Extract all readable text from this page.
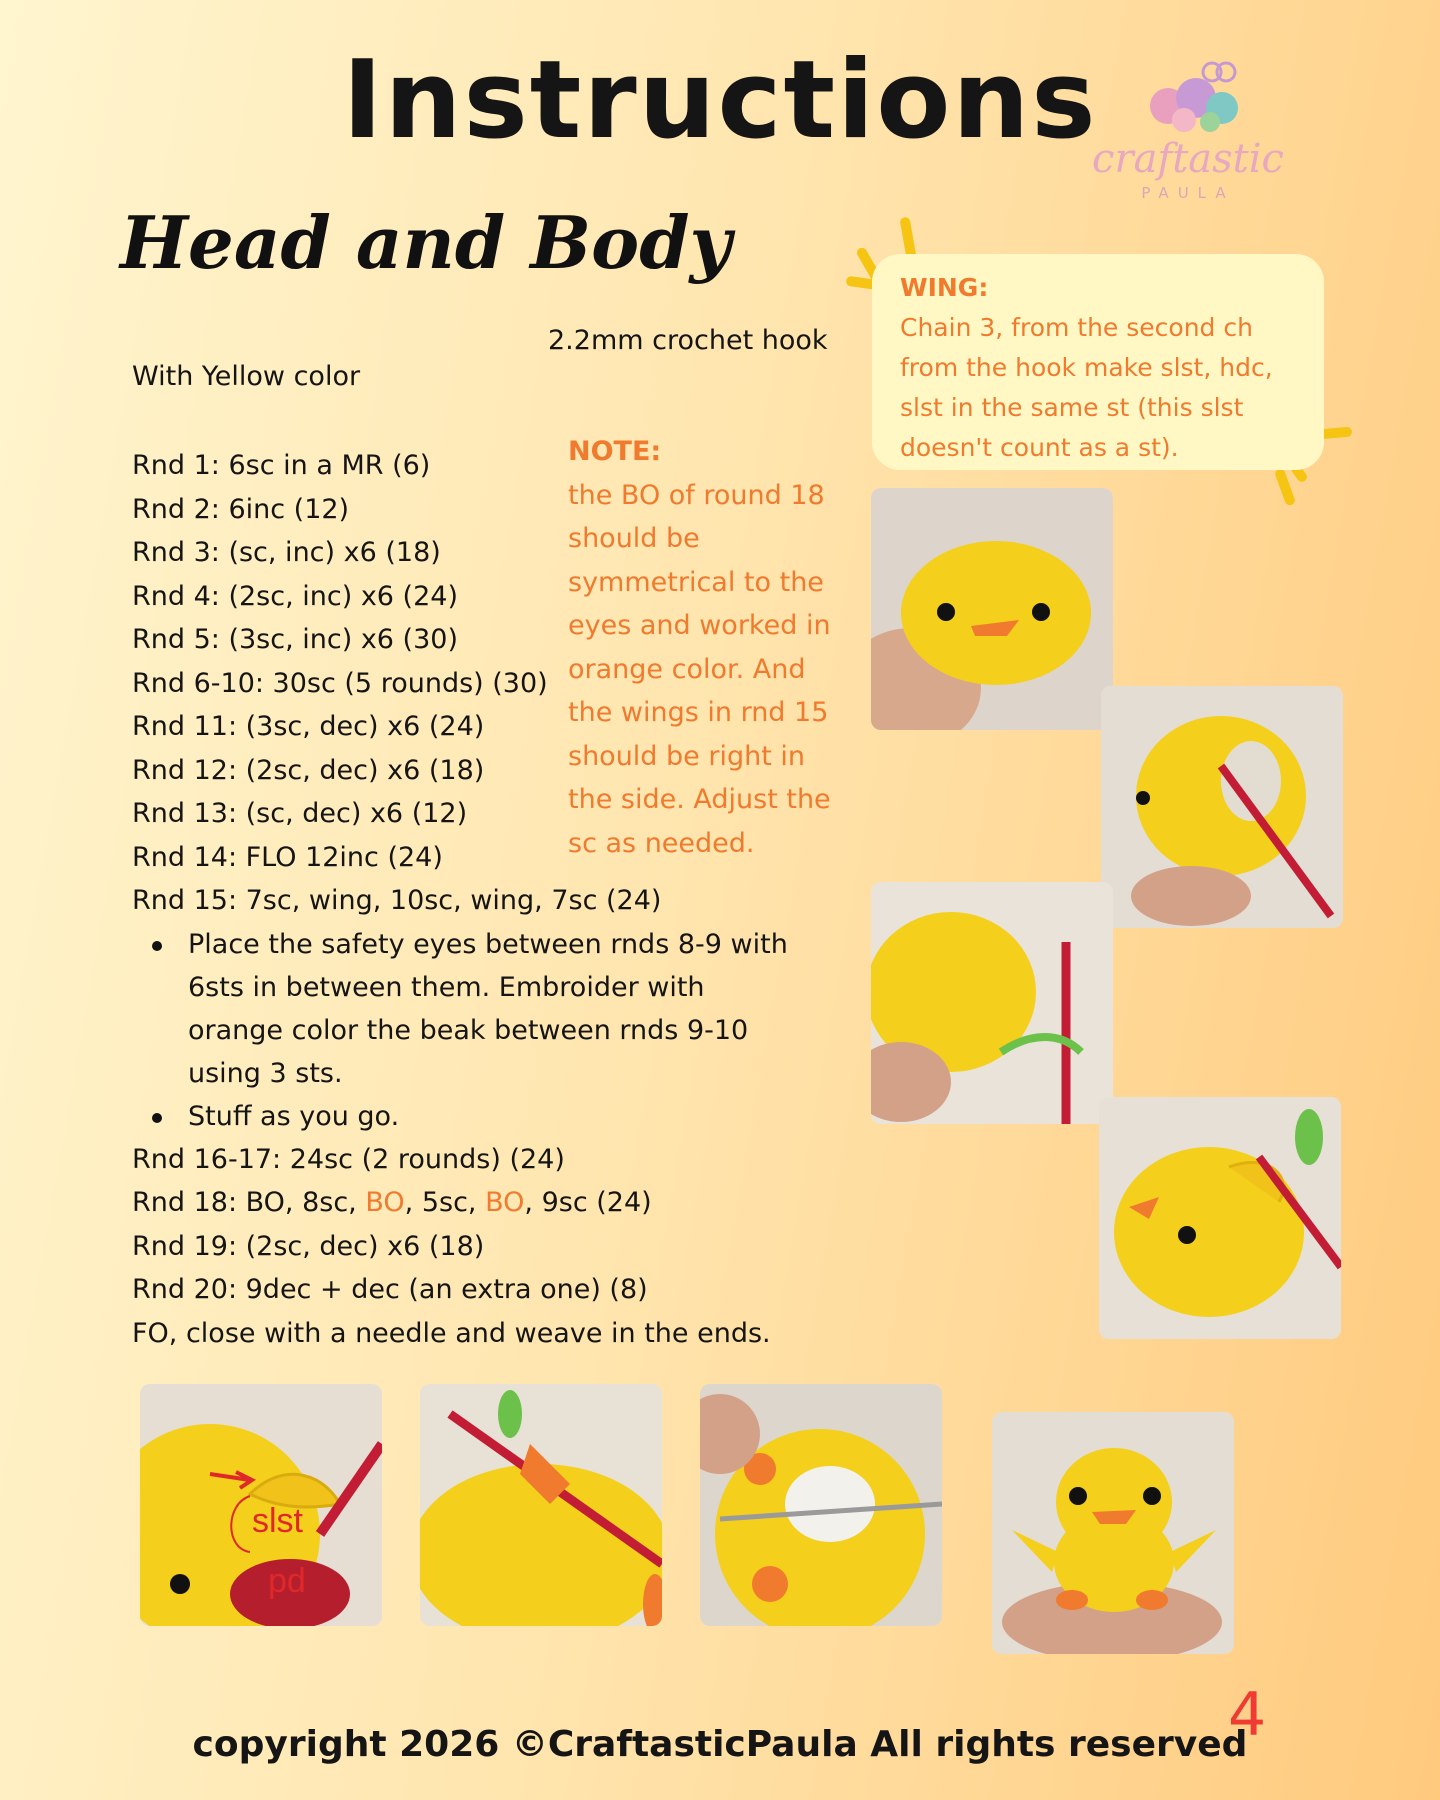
Instructions
craftastic
PAULA
Head and Body
2.2mm crochet hook
With Yellow color
Rnd 1: 6sc in a MR (6)
Rnd 2: 6inc (12)
Rnd 3: (sc, inc) x6 (18)
Rnd 4: (2sc, inc) x6 (24)
Rnd 5: (3sc, inc) x6 (30)
Rnd 6-10: 30sc (5 rounds) (30)
Rnd 11: (3sc, dec) x6 (24)
Rnd 12: (2sc, dec) x6 (18)
Rnd 13: (sc, dec) x6 (12)
Rnd 14: FLO 12inc (24)
Rnd 15: 7sc, wing, 10sc, wing, 7sc (24)
Place the safety eyes between rnds 8-9 with 6sts in between them. Embroider with orange color the beak between rnds 9-10 using 3 sts.
Stuff as you go.
Rnd 16-17: 24sc (2 rounds) (24)
Rnd 18: BO, 8sc, BO, 5sc, BO, 9sc (24)
Rnd 19: (2sc, dec) x6 (18)
Rnd 20: 9dec + dec (an extra one) (8)
FO, close with a needle and weave in the ends.
NOTE:
the BO of round 18 should be symmetrical to the eyes and worked in orange color. And the wings in rnd 15 should be right in the side. Adjust the sc as needed.
WING:
Chain 3, from the second ch from the hook make slst, hdc, slst in the same st (this slst doesn't count as a st).
slst
pd
4
copyright 2026 ©CraftasticPaula All rights reserved
